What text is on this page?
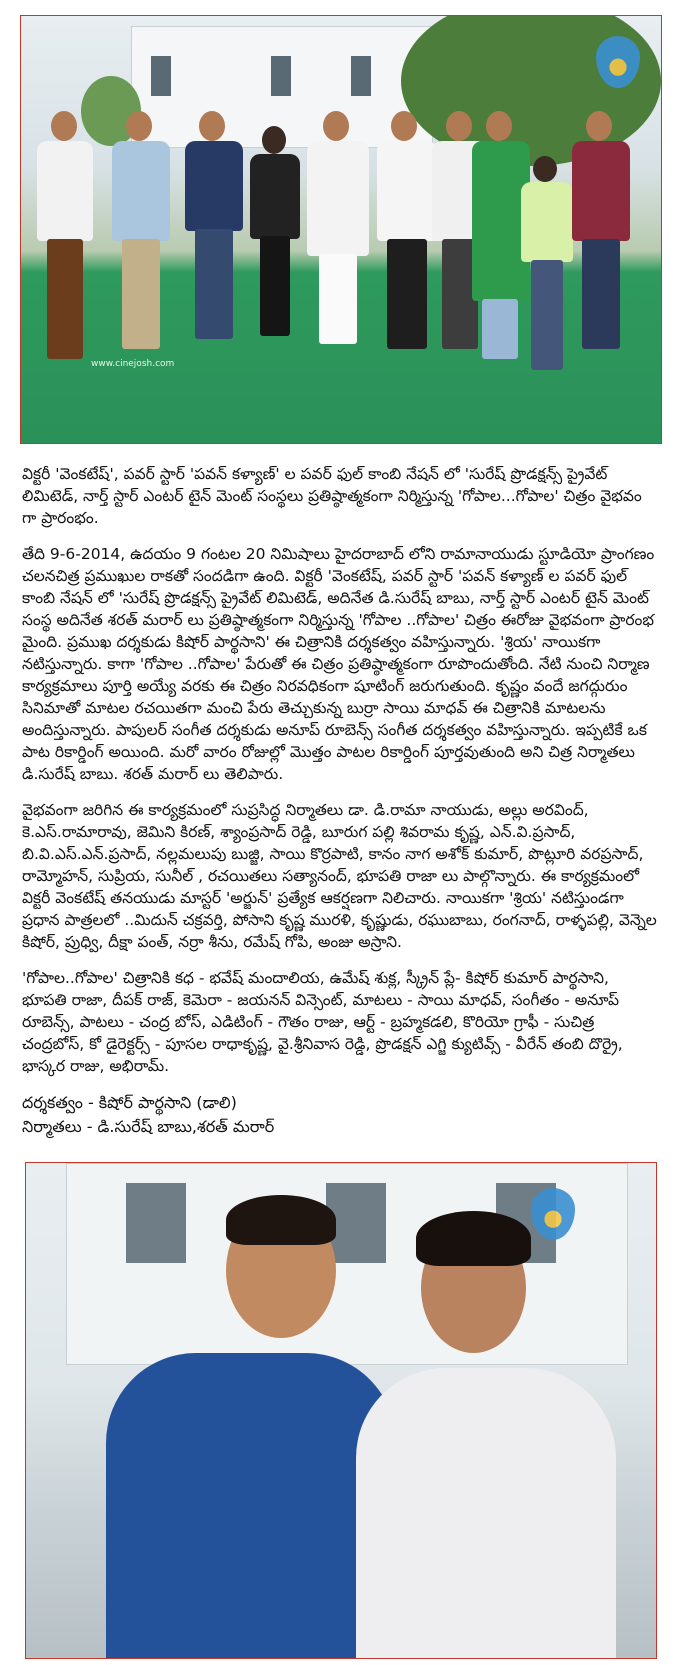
www.cinejosh.com

విక్టరీ 'వెంకటేష్', పవర్ స్టార్ 'పవన్ కళ్యాణ్' ల పవర్ ఫుల్ కాంబి నేషన్ లో 'సురేష్ ప్రొడక్షన్స్ ప్రైవేట్ లిమిటెడ్, నార్త్ స్టార్ ఎంటర్ టైన్ మెంట్ సంస్థలు ప్రతిష్ఠాత్మకంగా నిర్మిస్తున్న 'గోపాల...గోపాల' చిత్రం వైభవం గా ప్రారంభం.

తేది 9-6-2014, ఉదయం 9 గంటల 20 నిమిషాలు హైదరాబాద్ లోని రామానాయుడు స్టూడియో ప్రాంగణం చలనచిత్ర ప్రముఖుల రాకతో సందడిగా ఉంది. విక్టరీ 'వెంకటేష్, పవర్ స్టార్ 'పవన్ కళ్యాణ్ ల పవర్ ఫుల్ కాంబి నేషన్ లో 'సురేష్ ప్రొడక్షన్స్ ప్రైవేట్ లిమిటెడ్, అదినేత డి.సురేష్ బాబు, నార్త్ స్టార్ ఎంటర్ టైన్ మెంట్ సంస్థ అదినేత శరత్ మరార్ లు ప్రతిష్ఠాత్మకంగా నిర్మిస్తున్న 'గోపాల ..గోపాల' చిత్రం ఈరోజు వైభవంగా ప్రారంభ మైంది. ప్రముఖ దర్శకుడు కిషోర్ పార్థసాని' ఈ చిత్రానికి దర్శకత్వం వహిస్తున్నారు. 'శ్రియ' నాయికగా నటిస్తున్నారు. కాగా 'గోపాల ..గోపాల' పేరుతో ఈ చిత్రం ప్రతిష్ఠాత్మకంగా రూపొందుతోంది. నేటి నుంచి నిర్మాణ కార్యక్రమాలు పూర్తి అయ్యే వరకు ఈ చిత్రం నిరవధికంగా షూటింగ్ జరుగుతుంది. కృష్ణం వందే జగద్గురుం సినిమాతో మాటల రచయితగా మంచి పేరు తెచ్చుకున్న బుర్రా సాయి మాధవ్ ఈ చిత్రానికి మాటలను అందిస్తున్నారు. పాపులర్ సంగీత దర్శకుడు అనూప్ రూబెన్స్ సంగీత దర్శకత్వం వహిస్తున్నారు. ఇప్పటికే ఒక పాట రికార్డింగ్ అయింది. మరో వారం రోజుల్లో మొత్తం పాటల రికార్డింగ్ పూర్తవుతుంది అని చిత్ర నిర్మాతలు డి.సురేష్ బాబు. శరత్ మరార్ లు తెలిపారు.

వైభవంగా జరిగిన ఈ కార్యక్రమంలో సుప్రసిద్ధ నిర్మాతలు డా. డి.రామా నాయుడు, అల్లు అరవింద్, కె.ఎస్.రామారావు, జెమిని కిరణ్, శ్యాంప్రసాద్ రెడ్డి, బూరుగ పల్లి శివరామ కృష్ణ, ఎన్.వి.ప్రసాద్, బి.వి.ఎస్.ఎన్.ప్రసాద్, నల్లమలుపు బుజ్జి, సాయి కొర్రపాటి, కానం నాగ అశోక్ కుమార్, పొట్లూరి వరప్రసాద్, రామ్మోహన్, సుప్రియ, సునీల్ , రచయితలు సత్యానంద్, భూపతి రాజా లు పాల్గొన్నారు. ఈ కార్యక్రమంలో విక్టరీ వెంకటేష్ తనయుడు మాస్టర్ 'అర్జున్' ప్రత్యేక ఆకర్షణగా నిలిచారు. నాయికగా 'శ్రియ' నటిస్తుండగా ప్రధాన పాత్రలలో ..మిదున్ చక్రవర్తి, పోసాని కృష్ణ మురళి, కృష్ణుడు, రఘుబాబు, రంగనాద్, రాళ్ళపల్లి, వెన్నెల కిషోర్, ప్రుధ్వి, దీక్షా పంత్, నర్రా శీను, రమేష్ గోపి, అంజు అస్రాని.

'గోపాల..గోపాల' చిత్రానికి కధ - భవేష్ మందాలియ, ఉమేష్ శుక్ల, స్క్రీన్ ప్లే- కిషోర్ కుమార్ పార్థసాని, భూపతి రాజా, దీపక్ రాజ్, కెమెరా - జయనన్ విన్సెంట్, మాటలు - సాయి మాధవ్, సంగీతం - అనూప్ రూబెన్స్, పాటలు - చంద్ర బోస్, ఎడిటింగ్ - గౌతం రాజు, ఆర్ట్ - బ్రహ్మకడలి, కొరియో గ్రాఫీ - సుచిత్ర చంద్రబోస్, కో డైరెక్టర్స్ - పూసల రాధాకృష్ణ, వై.శ్రీనివాస రెడ్డి, ప్రొడక్షన్ ఎగ్జి క్యుటివ్స్ - వీరేన్ తంబి దొర్రై, భాస్కర రాజు, అభిరామ్.

దర్శకత్వం - కిషోర్ పార్థసాని (డాలి)
నిర్మాతలు - డి.సురేష్ బాబు,శరత్ మరార్
